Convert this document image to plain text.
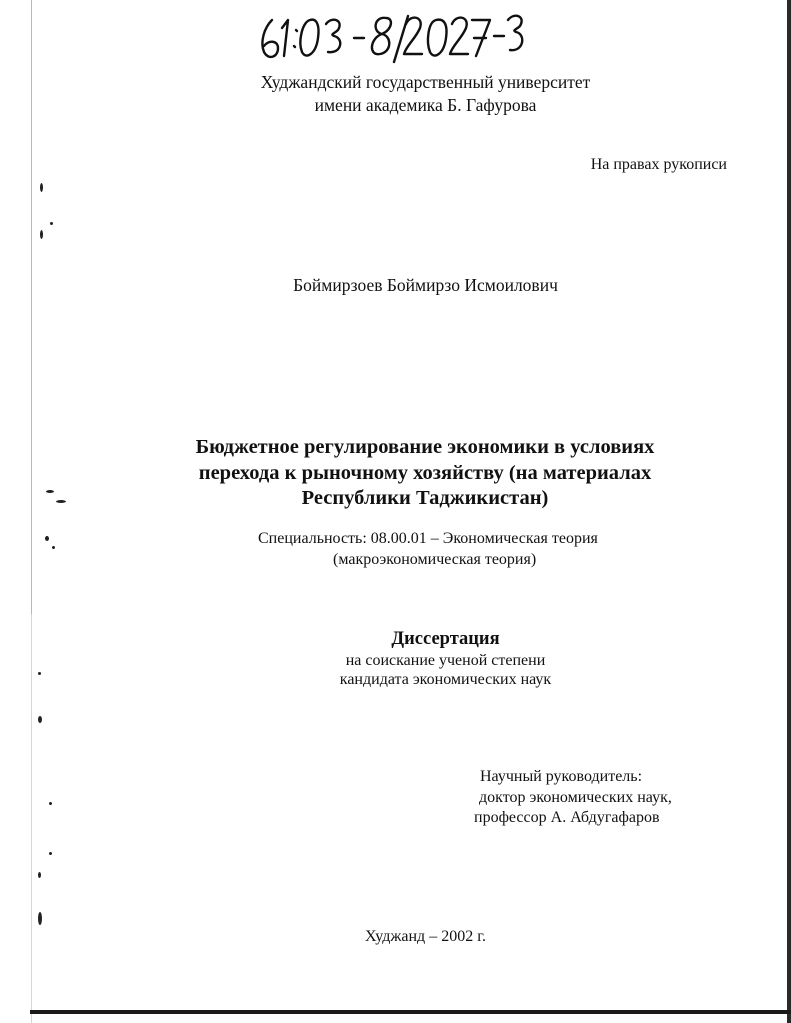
Худжандский государственный университет
имени академика Б. Гафурова
На правах рукописи
Боймирзоев Боймирзо Исмоилович
Бюджетное регулирование экономики в условиях
перехода к рыночному хозяйству (на материалах
Республики Таджикистан)
Специальность: 08.00.01 – Экономическая теория
(макроэкономическая теория)
Диссертация
на соискание ученой степени
кандидата экономических наук
Научный руководитель:
доктор экономических наук,
профессор А. Абдугафаров
Худжанд – 2002 г.
